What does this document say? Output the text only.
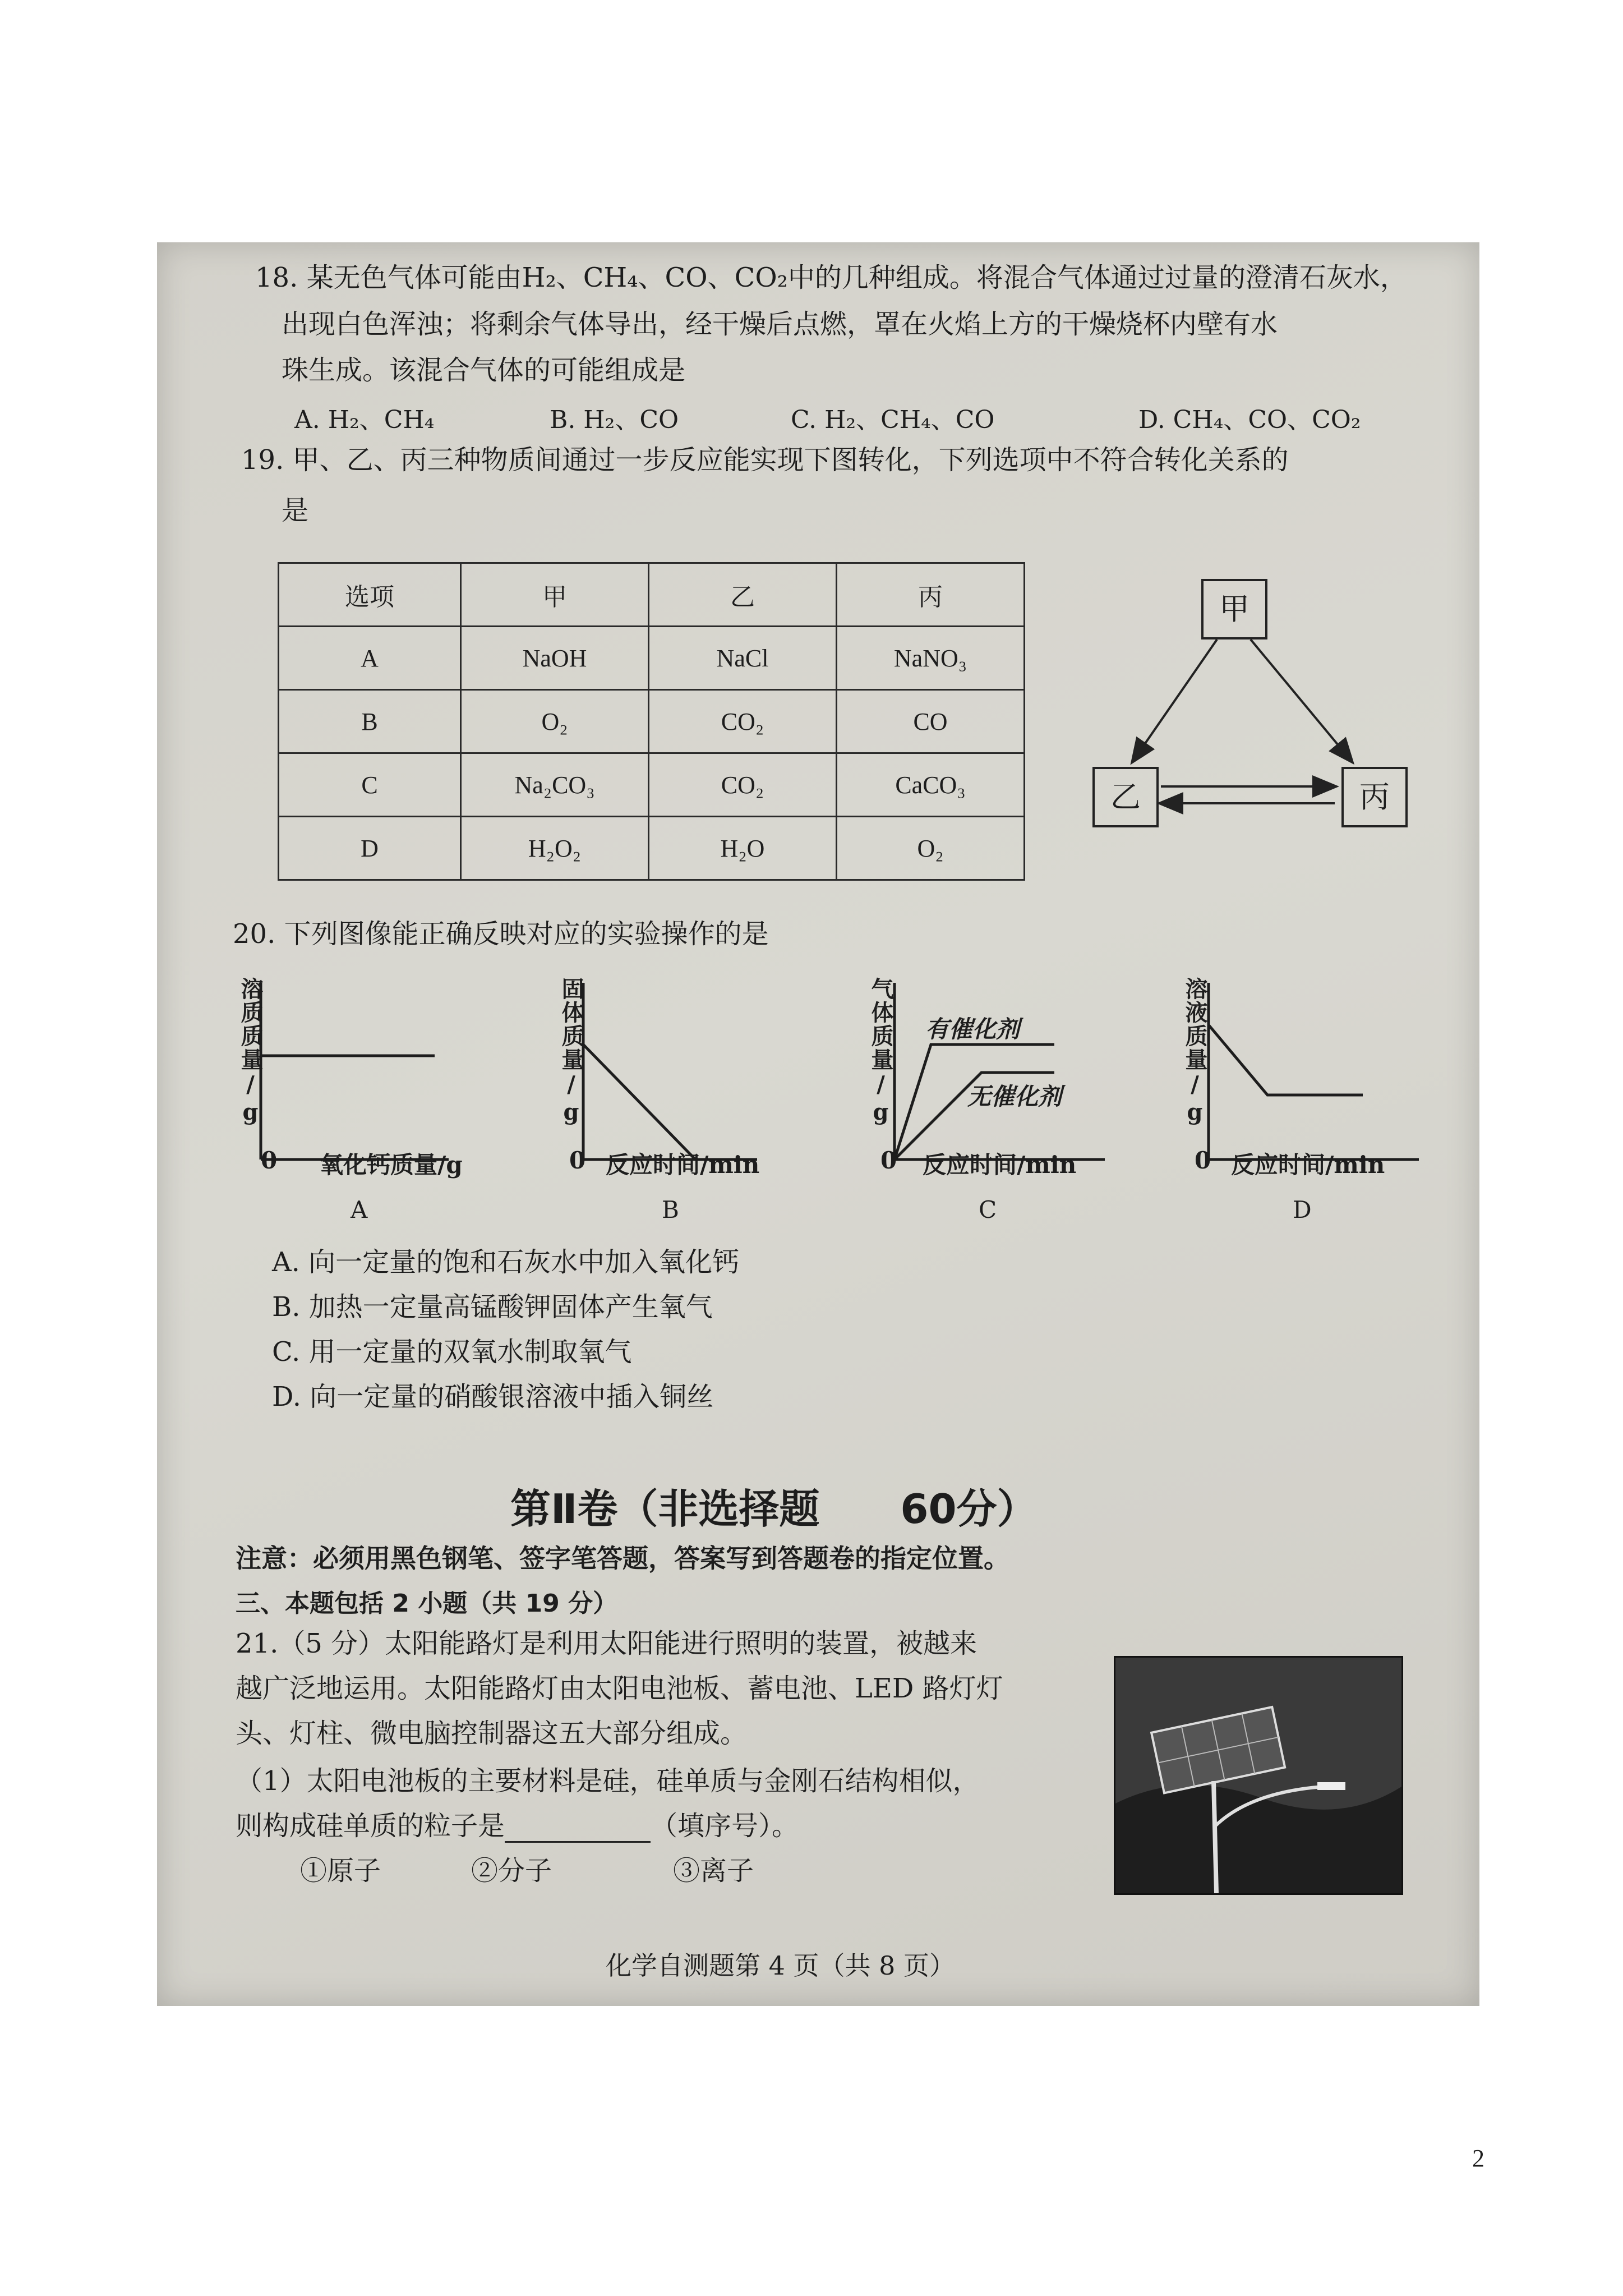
18. 某无色气体可能由H₂、CH₄、CO、CO₂中的几种组成。将混合气体通过过量的澄清石灰水，
出现白色浑浊；将剩余气体导出，经干燥后点燃，罩在火焰上方的干燥烧杯内壁有水
珠生成。该混合气体的可能组成是
A. H₂、CH₄	B. H₂、CO	C. H₂、CH₄、CO	D. CH₄、CO、CO₂
19. 甲、乙、丙三种物质间通过一步反应能实现下图转化，下列选项中不符合转化关系的
是
选项	甲	乙	丙
A	NaOH	NaCl	NaNO₃
B	O₂	CO₂	CO
C	Na₂CO₃	CO₂	CaCO₃
D	H₂O₂	H₂O	O₂
甲
乙	丙
20. 下列图像能正确反映对应的实验操作的是
溶质质量/g
0 氧化钙质量/g
A
固体质量/g
0 反应时间/min
B
气体质量/g
0 反应时间/min
有催化剂
无催化剂
C
溶液质量/g
0 反应时间/min
D
A. 向一定量的饱和石灰水中加入氧化钙
B. 加热一定量高锰酸钾固体产生氧气
C. 用一定量的双氧水制取氧气
D. 向一定量的硝酸银溶液中插入铜丝
第Ⅱ卷（非选择题　　60分）
注意：必须用黑色钢笔、签字笔答题，答案写到答题卷的指定位置。
三、本题包括 2 小题（共 19 分）
21.（5 分）太阳能路灯是利用太阳能进行照明的装置，被越来
越广泛地运用。太阳能路灯由太阳电池板、蓄电池、LED 路灯灯
头、灯柱、微电脑控制器这五大部分组成。
（1）太阳电池板的主要材料是硅，硅单质与金刚石结构相似，
则构成硅单质的粒子是	（填序号）。
①原子	②分子	③离子
化学自测题第 4 页（共 8 页）
2
